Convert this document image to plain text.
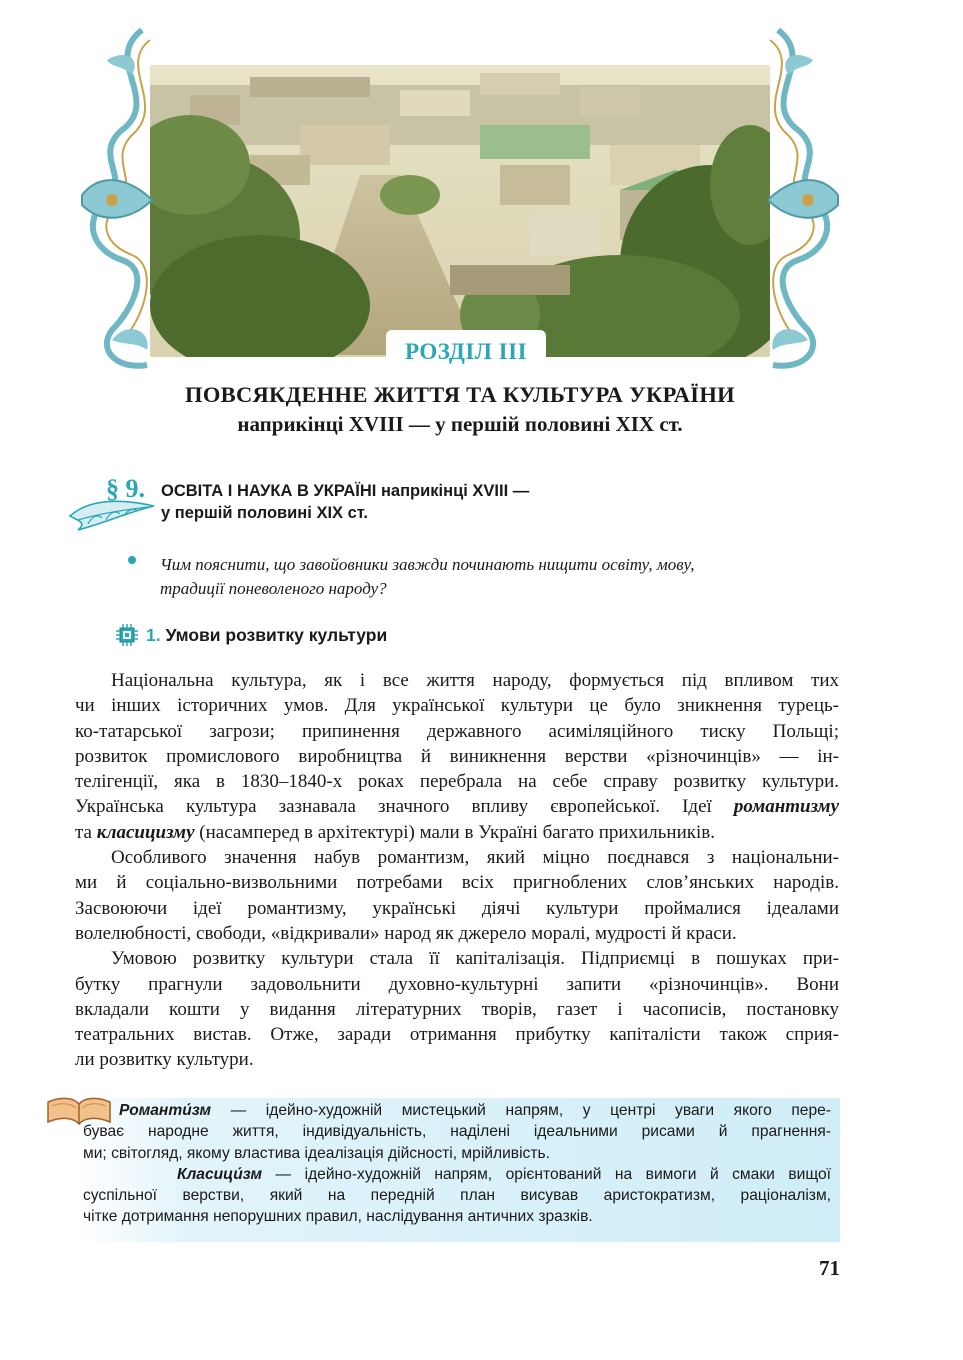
РОЗДІЛ III
ПОВСЯКДЕННЕ ЖИТТЯ ТА КУЛЬТУРА УКРАЇНИ
наприкінці XVIII — у першій половині XIX ст.
§ 9. ОСВІТА І НАУКА В УКРАЇНІ наприкінці XVIII —
у першій половині XIX ст.
Чим пояснити, що завойовники завжди починають нищити освіту, мову,
традиції поневоленого народу?
1. Умови розвитку культури

Національна культура, як і все життя народу, формується під впливом тих

чи інших історичних умов. Для української культури це було зникнення турець-

ко-татарської загрози; припинення державного асиміляційного тиску Польщі;

розвиток промислового виробництва й виникнення верстви «різночинців» — ін-

телігенції, яка в 1830–1840-х роках перебрала на себе справу розвитку культури.

Українська культура зазнавала значного впливу європейської. Ідеї романтизму

та класицизму (насамперед в архітектурі) мали в Україні багато прихильників.

Особливого значення набув романтизм, який міцно поєднався з національни-

ми й соціально-визвольними потребами всіх пригноблених слов’янських народів.

Засвоюючи ідеї романтизму, українські діячі культури проймалися ідеалами

волелюбності, свободи, «відкривали» народ як джерело моралі, мудрості й краси.

Умовою розвитку культури стала її капіталізація. Підприємці в пошуках при-

бутку прагнули задовольнити духовно-культурні запити «різночинців». Вони

вкладали кошти у видання літературних творів, газет і часописів, постановку

театральних вистав. Отже, заради отримання прибутку капіталісти також сприя-

ли розвитку культури.

Романти́зм — ідейно-художній мистецький напрям, у центрі уваги якого пере-

буває народне життя, індивідуальність, наділені ідеальними рисами й прагнення-

ми; світогляд, якому властива ідеалізація дійсності, мрійливість.

Класици́зм — ідейно-художній напрям, орієнтований на вимоги й смаки вищої

суспільної верстви, який на передній план висував аристократизм, раціоналізм,

чітке дотримання непорушних правил, наслідування античних зразків.

71
